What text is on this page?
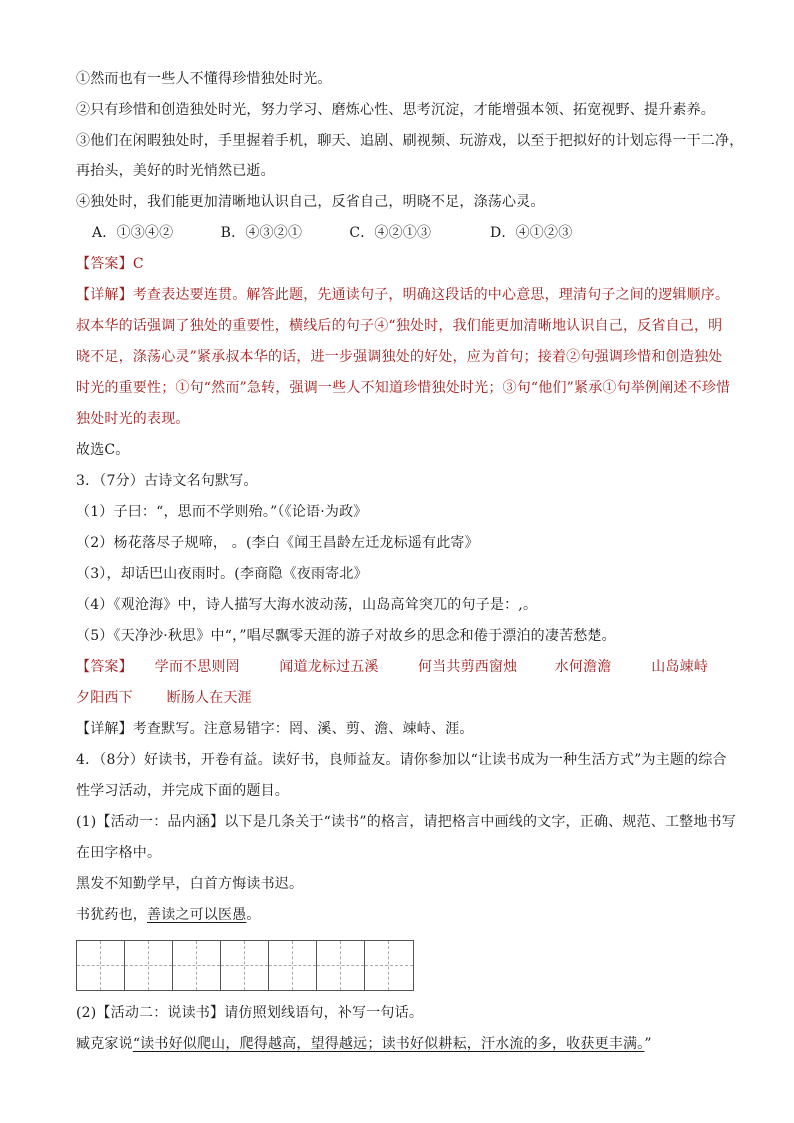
①然而也有一些人不懂得珍惜独处时光。
②只有珍惜和创造独处时光，努力学习、磨炼心性、思考沉淀，才能增强本领、拓宽视野、提升素养。
③他们在闲暇独处时，手里握着手机，聊天、追剧、刷视频、玩游戏，以至于把拟好的计划忘得一干二净，
再抬头，美好的时光悄然已逝。
④独处时，我们能更加清晰地认识自己，反省自己，明晓不足，涤荡心灵。
A．①③④②	B．④③②①	C．④②①③	D．④①②③
【答案】C
【详解】考查表达要连贯。解答此题，先通读句子，明确这段话的中心意思，理清句子之间的逻辑顺序。
叔本华的话强调了独处的重要性，横线后的句子④“独处时，我们能更加清晰地认识自己，反省自己，明
晓不足，涤荡心灵”紧承叔本华的话，进一步强调独处的好处，应为首句；接着②句强调珍惜和创造独处
时光的重要性；①句“然而”急转，强调一些人不知道珍惜独处时光；③句“他们”紧承①句举例阐述不珍惜
独处时光的表现。
故选C。
3．（7分）古诗文名句默写。
（1）子曰：“，思而不学则殆。”（《论语·为政》
（2）杨花落尽子规啼， 。(李白《闻王昌龄左迁龙标遥有此寄》
（3），却话巴山夜雨时。(李商隐《夜雨寄北》
（4）《观沧海》中，诗人描写大海水波动荡，山岛高耸突兀的句子是：,。
（5）《天净沙·秋思》中“，”唱尽飘零天涯的游子对故乡的思念和倦于漂泊的凄苦愁楚。
【答案】 学而不思则罔	闻道龙标过五溪	何当共剪西窗烛	水何澹澹	山岛竦峙
夕阳西下 断肠人在天涯
【详解】考查默写。注意易错字：罔、溪、剪、澹、竦峙、涯。
4．（8分）好读书，开卷有益。读好书，良师益友。请你参加以“让读书成为一种生活方式”为主题的综合
性学习活动，并完成下面的题目。
(1)【活动一：品内涵】以下是几条关于“读书”的格言，请把格言中画线的文字，正确、规范、工整地书写
在田字格中。
黑发不知勤学早，白首方悔读书迟。
书犹药也，善读之可以医愚。
(2)【活动二：说读书】请仿照划线语句，补写一句话。
臧克家说“读书好似爬山，爬得越高，望得越远；读书好似耕耘，汗水流的多，收获更丰满。”
